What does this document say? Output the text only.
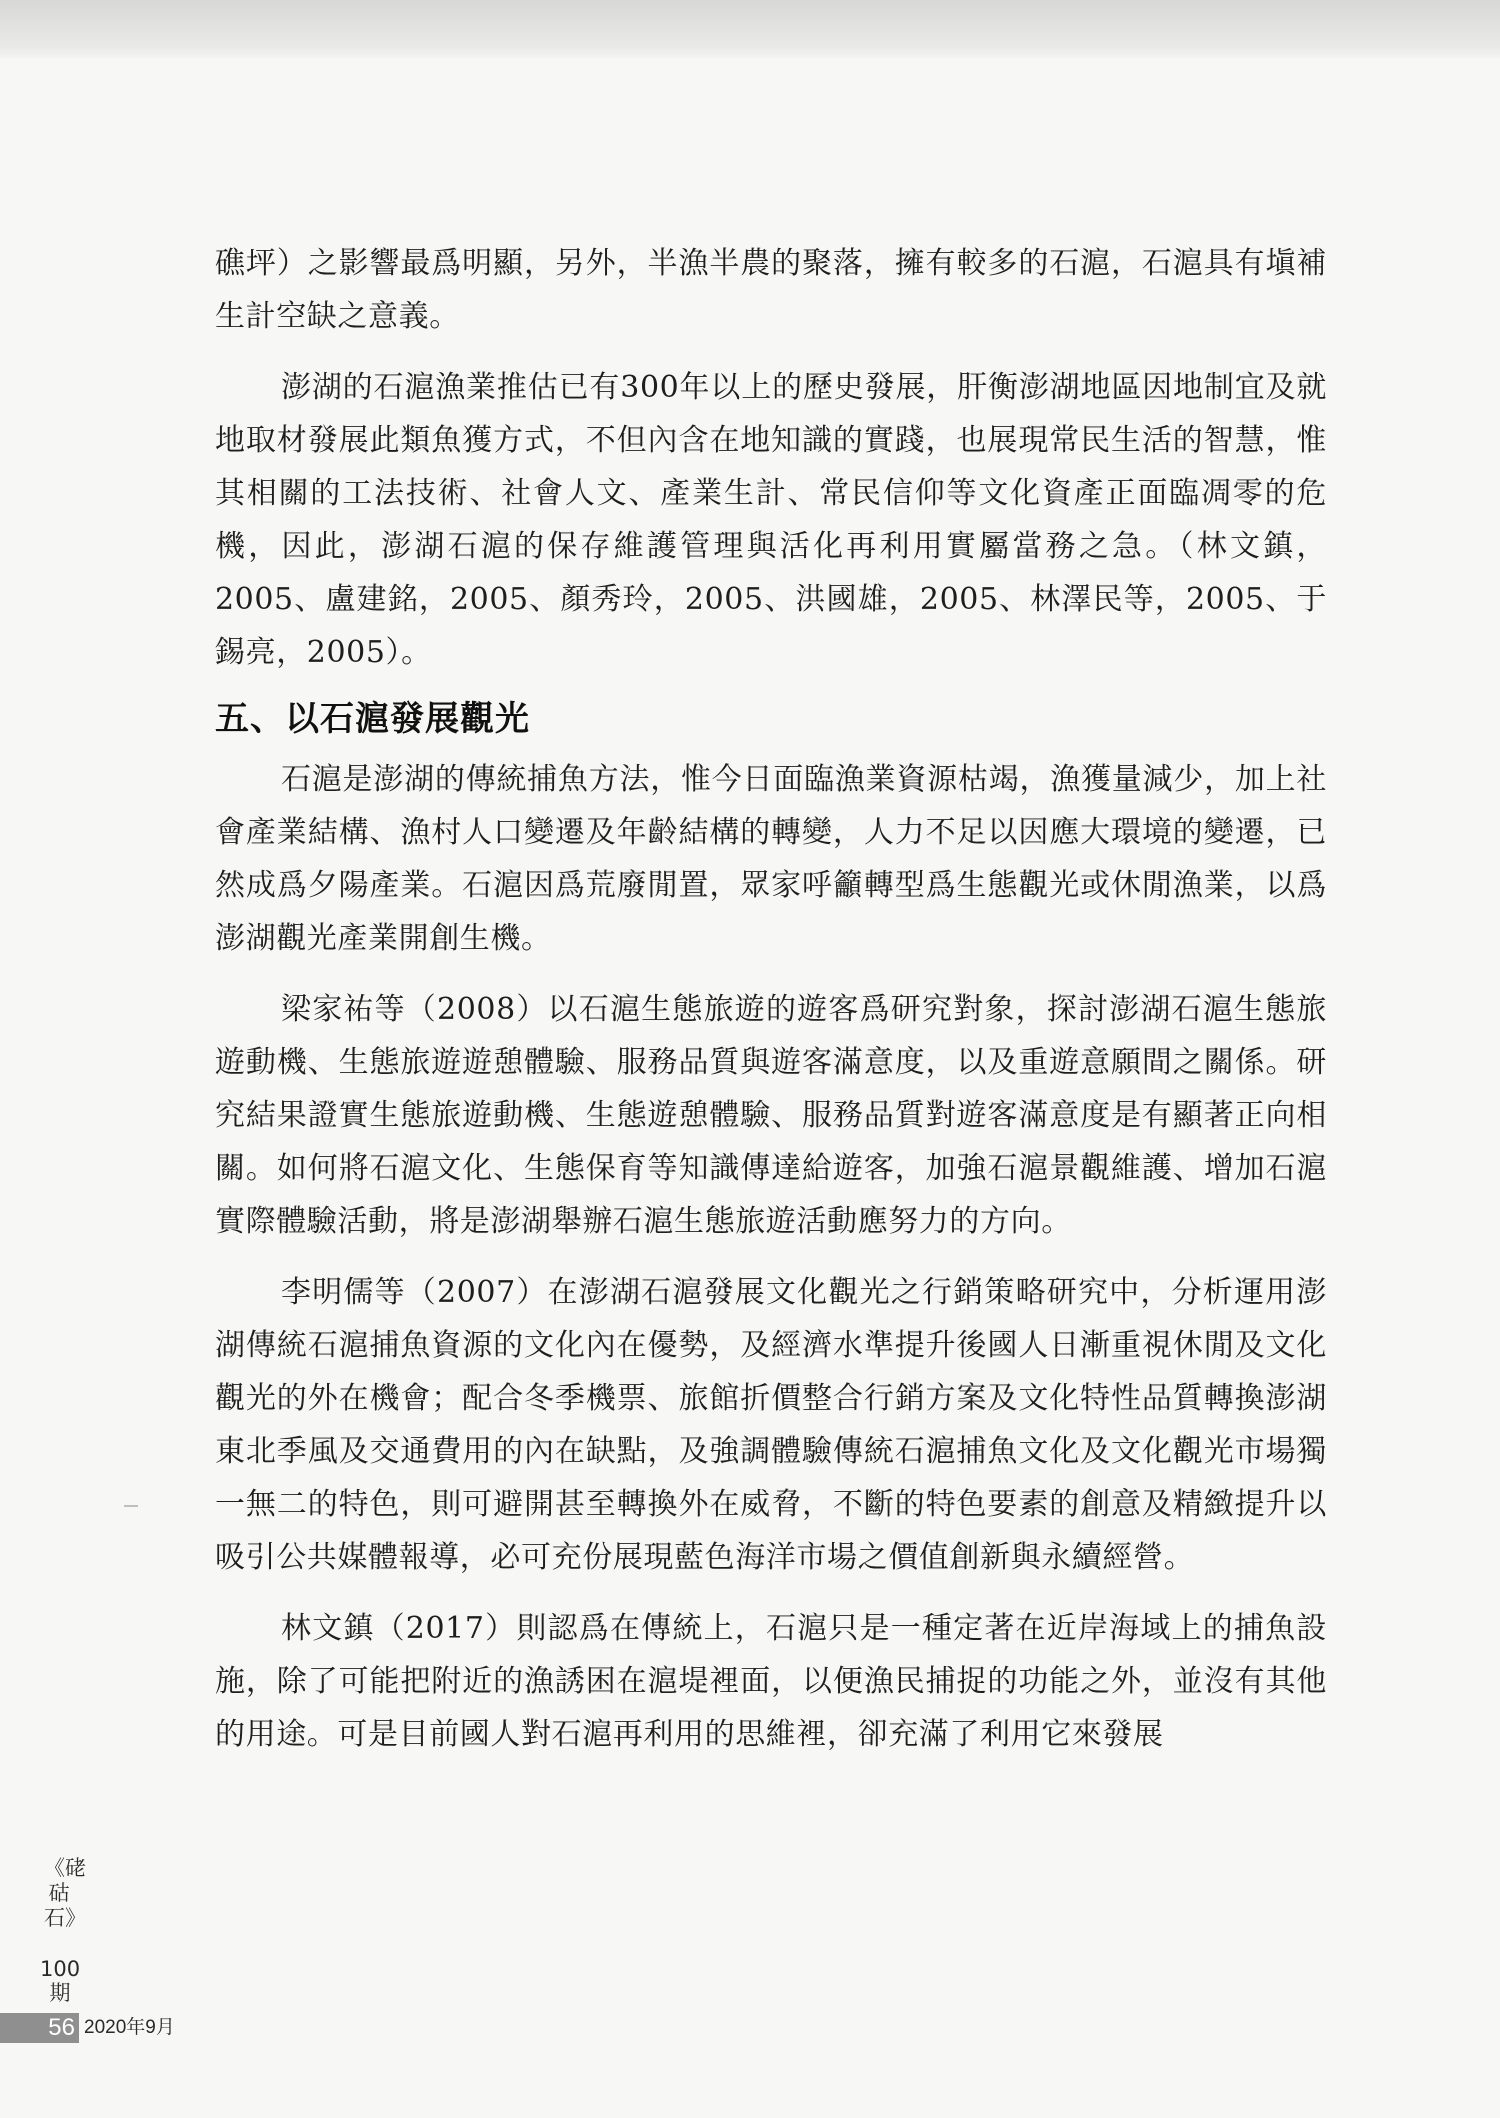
礁坪）之影響最爲明顯，另外，半漁半農的聚落，擁有較多的石滬，石滬具有塡補生計空缺之意義。

澎湖的石滬漁業推估已有300年以上的歷史發展，肝衡澎湖地區因地制宜及就地取材發展此類魚獲方式，不但內含在地知識的實踐，也展現常民生活的智慧，惟其相關的工法技術、社會人文、產業生計、常民信仰等文化資產正面臨凋零的危機，因此，澎湖石滬的保存維護管理與活化再利用實屬當務之急。（林文鎮，2005、盧建銘，2005、顏秀玲，2005、洪國雄，2005、林澤民等，2005、于錫亮，2005）。

五、以石滬發展觀光

石滬是澎湖的傳統捕魚方法，惟今日面臨漁業資源枯竭，漁獲量減少，加上社會產業結構、漁村人口變遷及年齡結構的轉變，人力不足以因應大環境的變遷，已然成爲夕陽產業。石滬因爲荒廢閒置，眾家呼籲轉型爲生態觀光或休閒漁業，以爲澎湖觀光產業開創生機。

梁家祐等（2008）以石滬生態旅遊的遊客爲研究對象，探討澎湖石滬生態旅遊動機、生態旅遊遊憩體驗、服務品質與遊客滿意度，以及重遊意願間之關係。研究結果證實生態旅遊動機、生態遊憩體驗、服務品質對遊客滿意度是有顯著正向相關。如何將石滬文化、生態保育等知識傳達給遊客，加強石滬景觀維護、增加石滬實際體驗活動，將是澎湖舉辦石滬生態旅遊活動應努力的方向。

李明儒等（2007）在澎湖石滬發展文化觀光之行銷策略研究中，分析運用澎湖傳統石滬捕魚資源的文化內在優勢，及經濟水準提升後國人日漸重視休閒及文化觀光的外在機會；配合冬季機票、旅館折價整合行銷方案及文化特性品質轉換澎湖東北季風及交通費用的內在缺點，及強調體驗傳統石滬捕魚文化及文化觀光市場獨一無二的特色，則可避開甚至轉換外在威脅，不斷的特色要素的創意及精緻提升以吸引公共媒體報導，必可充份展現藍色海洋市場之價值創新與永續經營。

林文鎮（2017）則認爲在傳統上，石滬只是一種定著在近岸海域上的捕魚設施，除了可能把附近的漁誘困在滬堤裡面，以便漁民捕捉的功能之外，並沒有其他的用途。可是目前國人對石滬再利用的思維裡，卻充滿了利用它來發展

《硓𥑮石》
100
期
56 2020年9月
